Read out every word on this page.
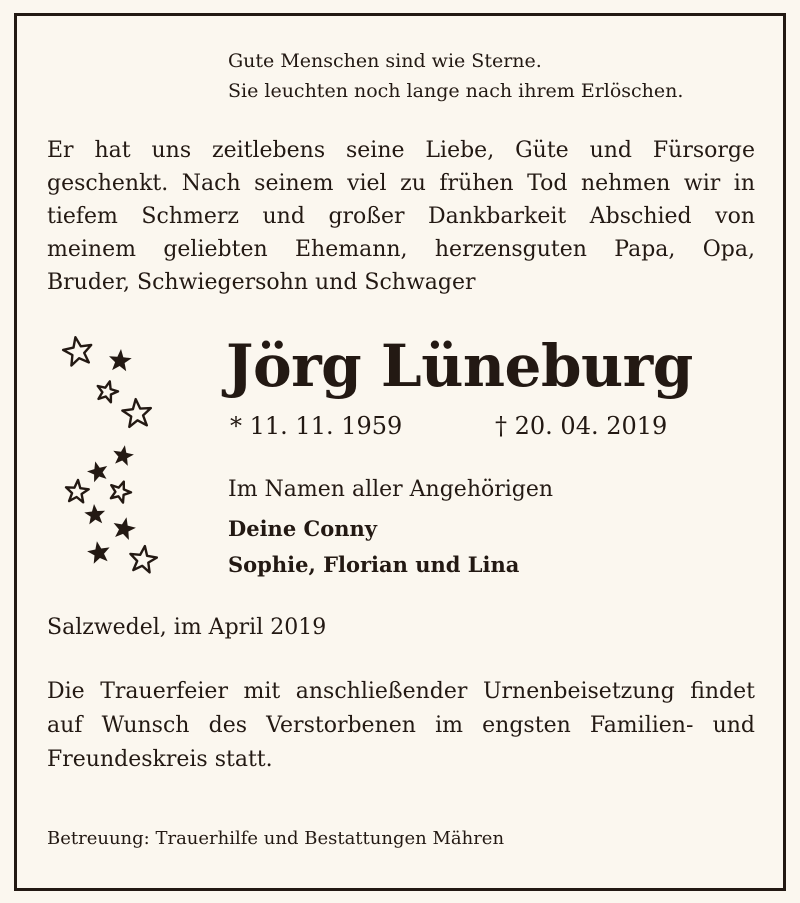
Gute Menschen sind wie Sterne.
Sie leuchten noch lange nach ihrem Erlöschen.
Er hat uns zeitlebens seine Liebe, Güte und Fürsorge
geschenkt. Nach seinem viel zu frühen Tod nehmen wir in
tiefem Schmerz und großer Dankbarkeit Abschied von
meinem geliebten Ehemann, herzensguten Papa, Opa,
Bruder, Schwiegersohn und Schwager
Jörg Lüneburg
* 11. 11. 1959	† 20. 04. 2019
Im Namen aller Angehörigen
Deine Conny
Sophie, Florian und Lina
Salzwedel, im April 2019
Die Trauerfeier mit anschließender Urnenbeisetzung findet
auf Wunsch des Verstorbenen im engsten Familien- und
Freundeskreis statt.
Betreuung: Trauerhilfe und Bestattungen Mähren
